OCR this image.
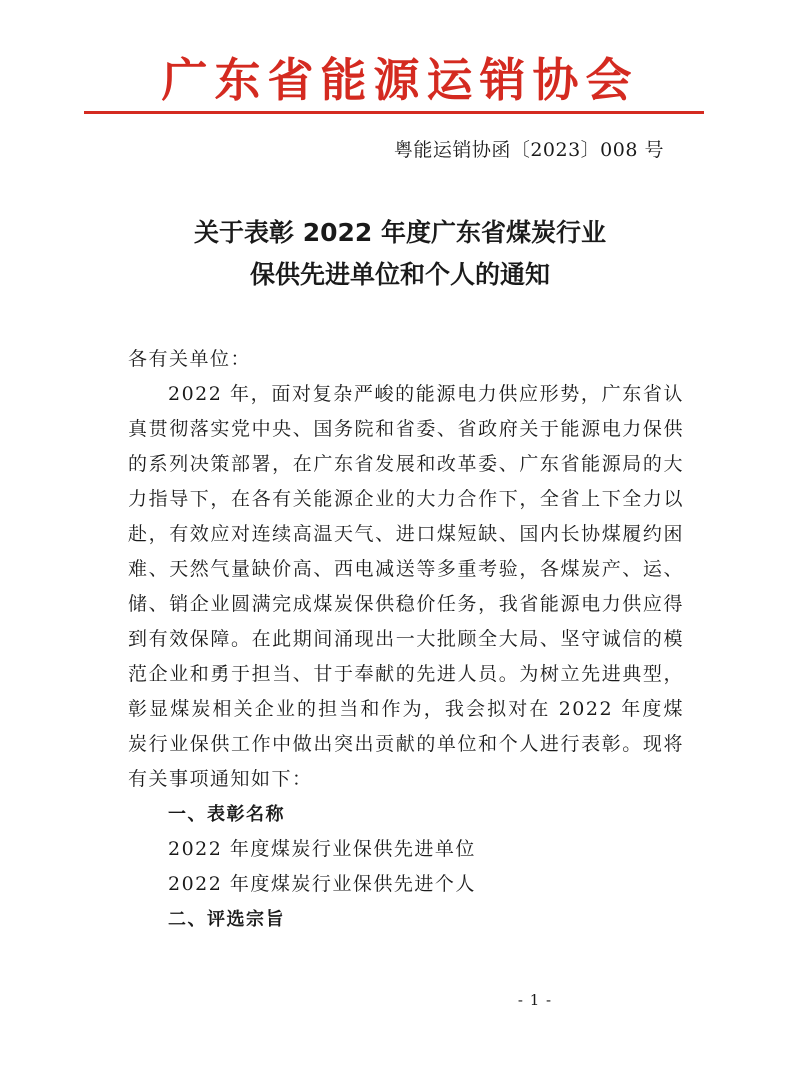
广东省能源运销协会
粤能运销协函〔2023〕008 号
关于表彰 2022 年度广东省煤炭行业
保供先进单位和个人的通知

各有关单位：

2022 年，面对复杂严峻的能源电力供应形势，广东省认真贯彻落实党中央、国务院和省委、省政府关于能源电力保供的系列决策部署，在广东省发展和改革委、广东省能源局的大力指导下，在各有关能源企业的大力合作下，全省上下全力以赴，有效应对连续高温天气、进口煤短缺、国内长协煤履约困难、天然气量缺价高、西电减送等多重考验，各煤炭产、运、储、销企业圆满完成煤炭保供稳价任务，我省能源电力供应得到有效保障。在此期间涌现出一大批顾全大局、坚守诚信的模范企业和勇于担当、甘于奉献的先进人员。为树立先进典型，彰显煤炭相关企业的担当和作为，我会拟对在 2022 年度煤炭行业保供工作中做出突出贡献的单位和个人进行表彰。现将有关事项通知如下：

一、表彰名称

2022 年度煤炭行业保供先进单位

2022 年度煤炭行业保供先进个人

二、评选宗旨

- 1 -
